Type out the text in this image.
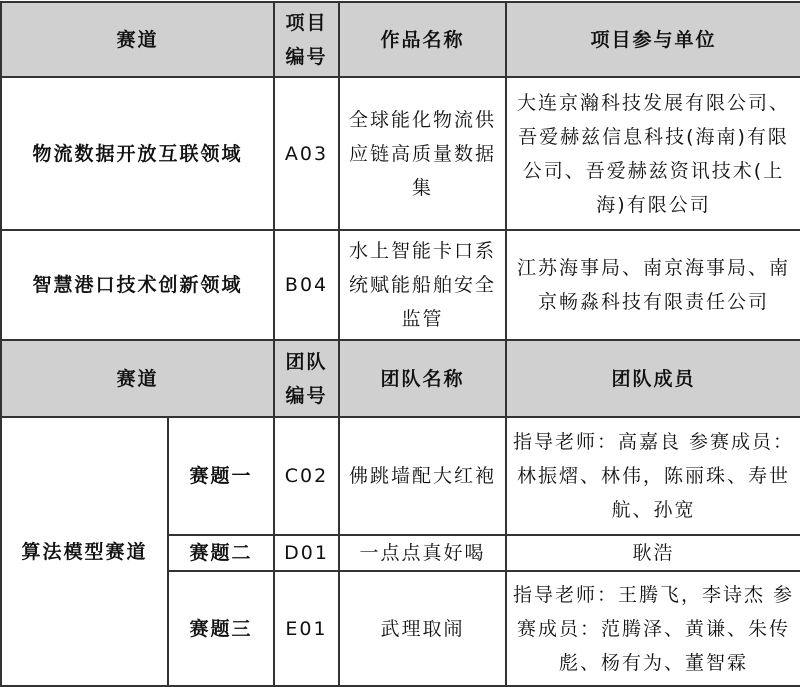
赛道		项目编号	作品名称	项目参与单位
物流数据开放互联领域		A03	全球能化物流供应链高质量数据集	大连京瀚科技发展有限公司、吾爱赫兹信息科技(海南)有限公司、吾爱赫兹资讯技术(上海)有限公司
智慧港口技术创新领域		B04	水上智能卡口系统赋能船舶安全监管	江苏海事局、南京海事局、南京畅淼科技有限责任公司
赛道		团队编号	团队名称	团队成员
算法模型赛道	赛题一	C02	佛跳墙配大红袍	指导老师：高嘉良 参赛成员：林振熠、林伟，陈丽珠、寿世航、孙宽
	赛题二	D01	一点点真好喝	耿浩
	赛题三	E01	武理取闹	指导老师：王腾飞，李诗杰 参赛成员：范腾泽、黄谦、朱传彪、杨有为、董智霖
